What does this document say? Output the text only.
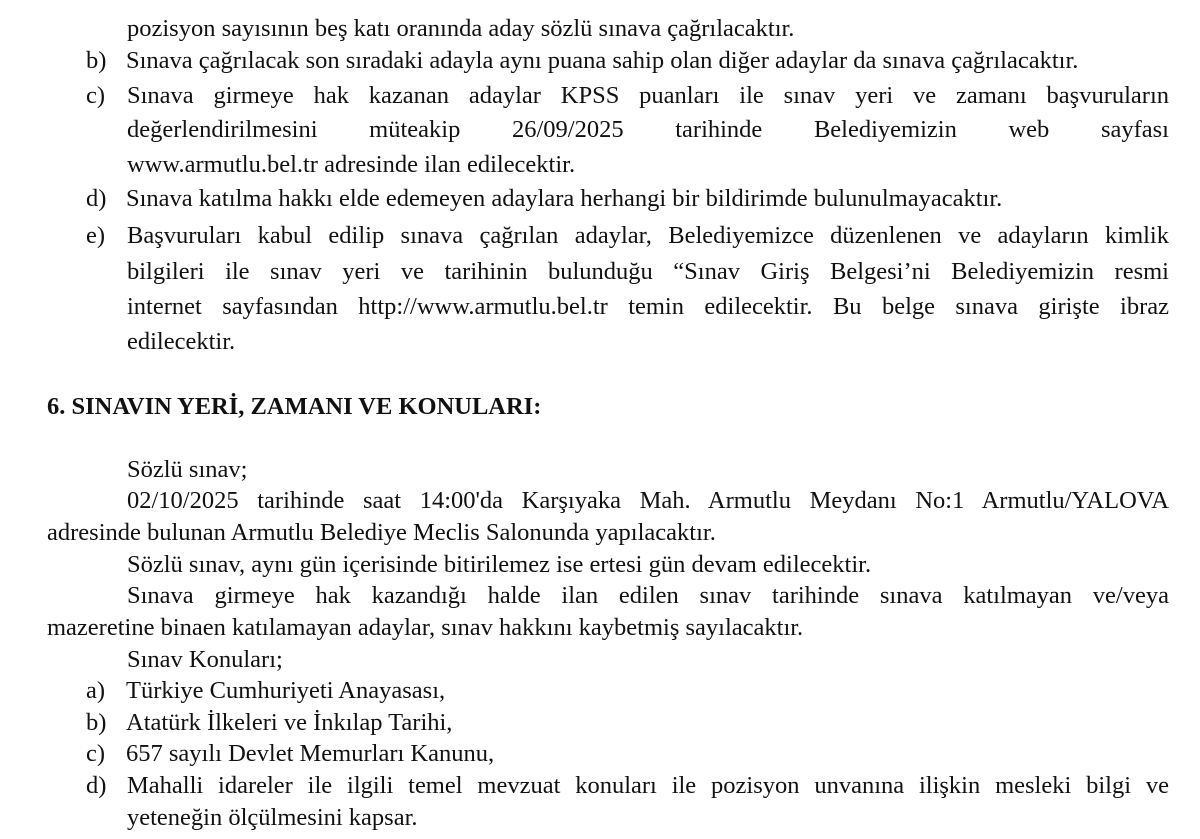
pozisyon sayısının beş katı oranında aday sözlü sınava çağrılacaktır.
b) Sınava çağrılacak son sıradaki adayla aynı puana sahip olan diğer adaylar da sınava çağrılacaktır.
c) Sınava girmeye hak kazanan adaylar KPSS puanları ile sınav yeri ve zamanı başvuruların
değerlendirilmesini müteakip 26/09/2025 tarihinde Belediyemizin web sayfası
www.armutlu.bel.tr adresinde ilan edilecektir.
d) Sınava katılma hakkı elde edemeyen adaylara herhangi bir bildirimde bulunulmayacaktır.
e) Başvuruları kabul edilip sınava çağrılan adaylar, Belediyemizce düzenlenen ve adayların kimlik
bilgileri ile sınav yeri ve tarihinin bulunduğu “Sınav Giriş Belgesi’ni Belediyemizin resmi
internet sayfasından http://www.armutlu.bel.tr temin edilecektir. Bu belge sınava girişte ibraz
edilecektir.
6. SINAVIN YERİ, ZAMANI VE KONULARI:
Sözlü sınav;
02/10/2025 tarihinde saat 14:00'da Karşıyaka Mah. Armutlu Meydanı No:1 Armutlu/YALOVA
adresinde bulunan Armutlu Belediye Meclis Salonunda yapılacaktır.
Sözlü sınav, aynı gün içerisinde bitirilemez ise ertesi gün devam edilecektir.
Sınava girmeye hak kazandığı halde ilan edilen sınav tarihinde sınava katılmayan ve/veya
mazeretine binaen katılamayan adaylar, sınav hakkını kaybetmiş sayılacaktır.
Sınav Konuları;
a) Türkiye Cumhuriyeti Anayasası,
b) Atatürk İlkeleri ve İnkılap Tarihi,
c) 657 sayılı Devlet Memurları Kanunu,
d) Mahalli idareler ile ilgili temel mevzuat konuları ile pozisyon unvanına ilişkin mesleki bilgi ve
yeteneğin ölçülmesini kapsar.
